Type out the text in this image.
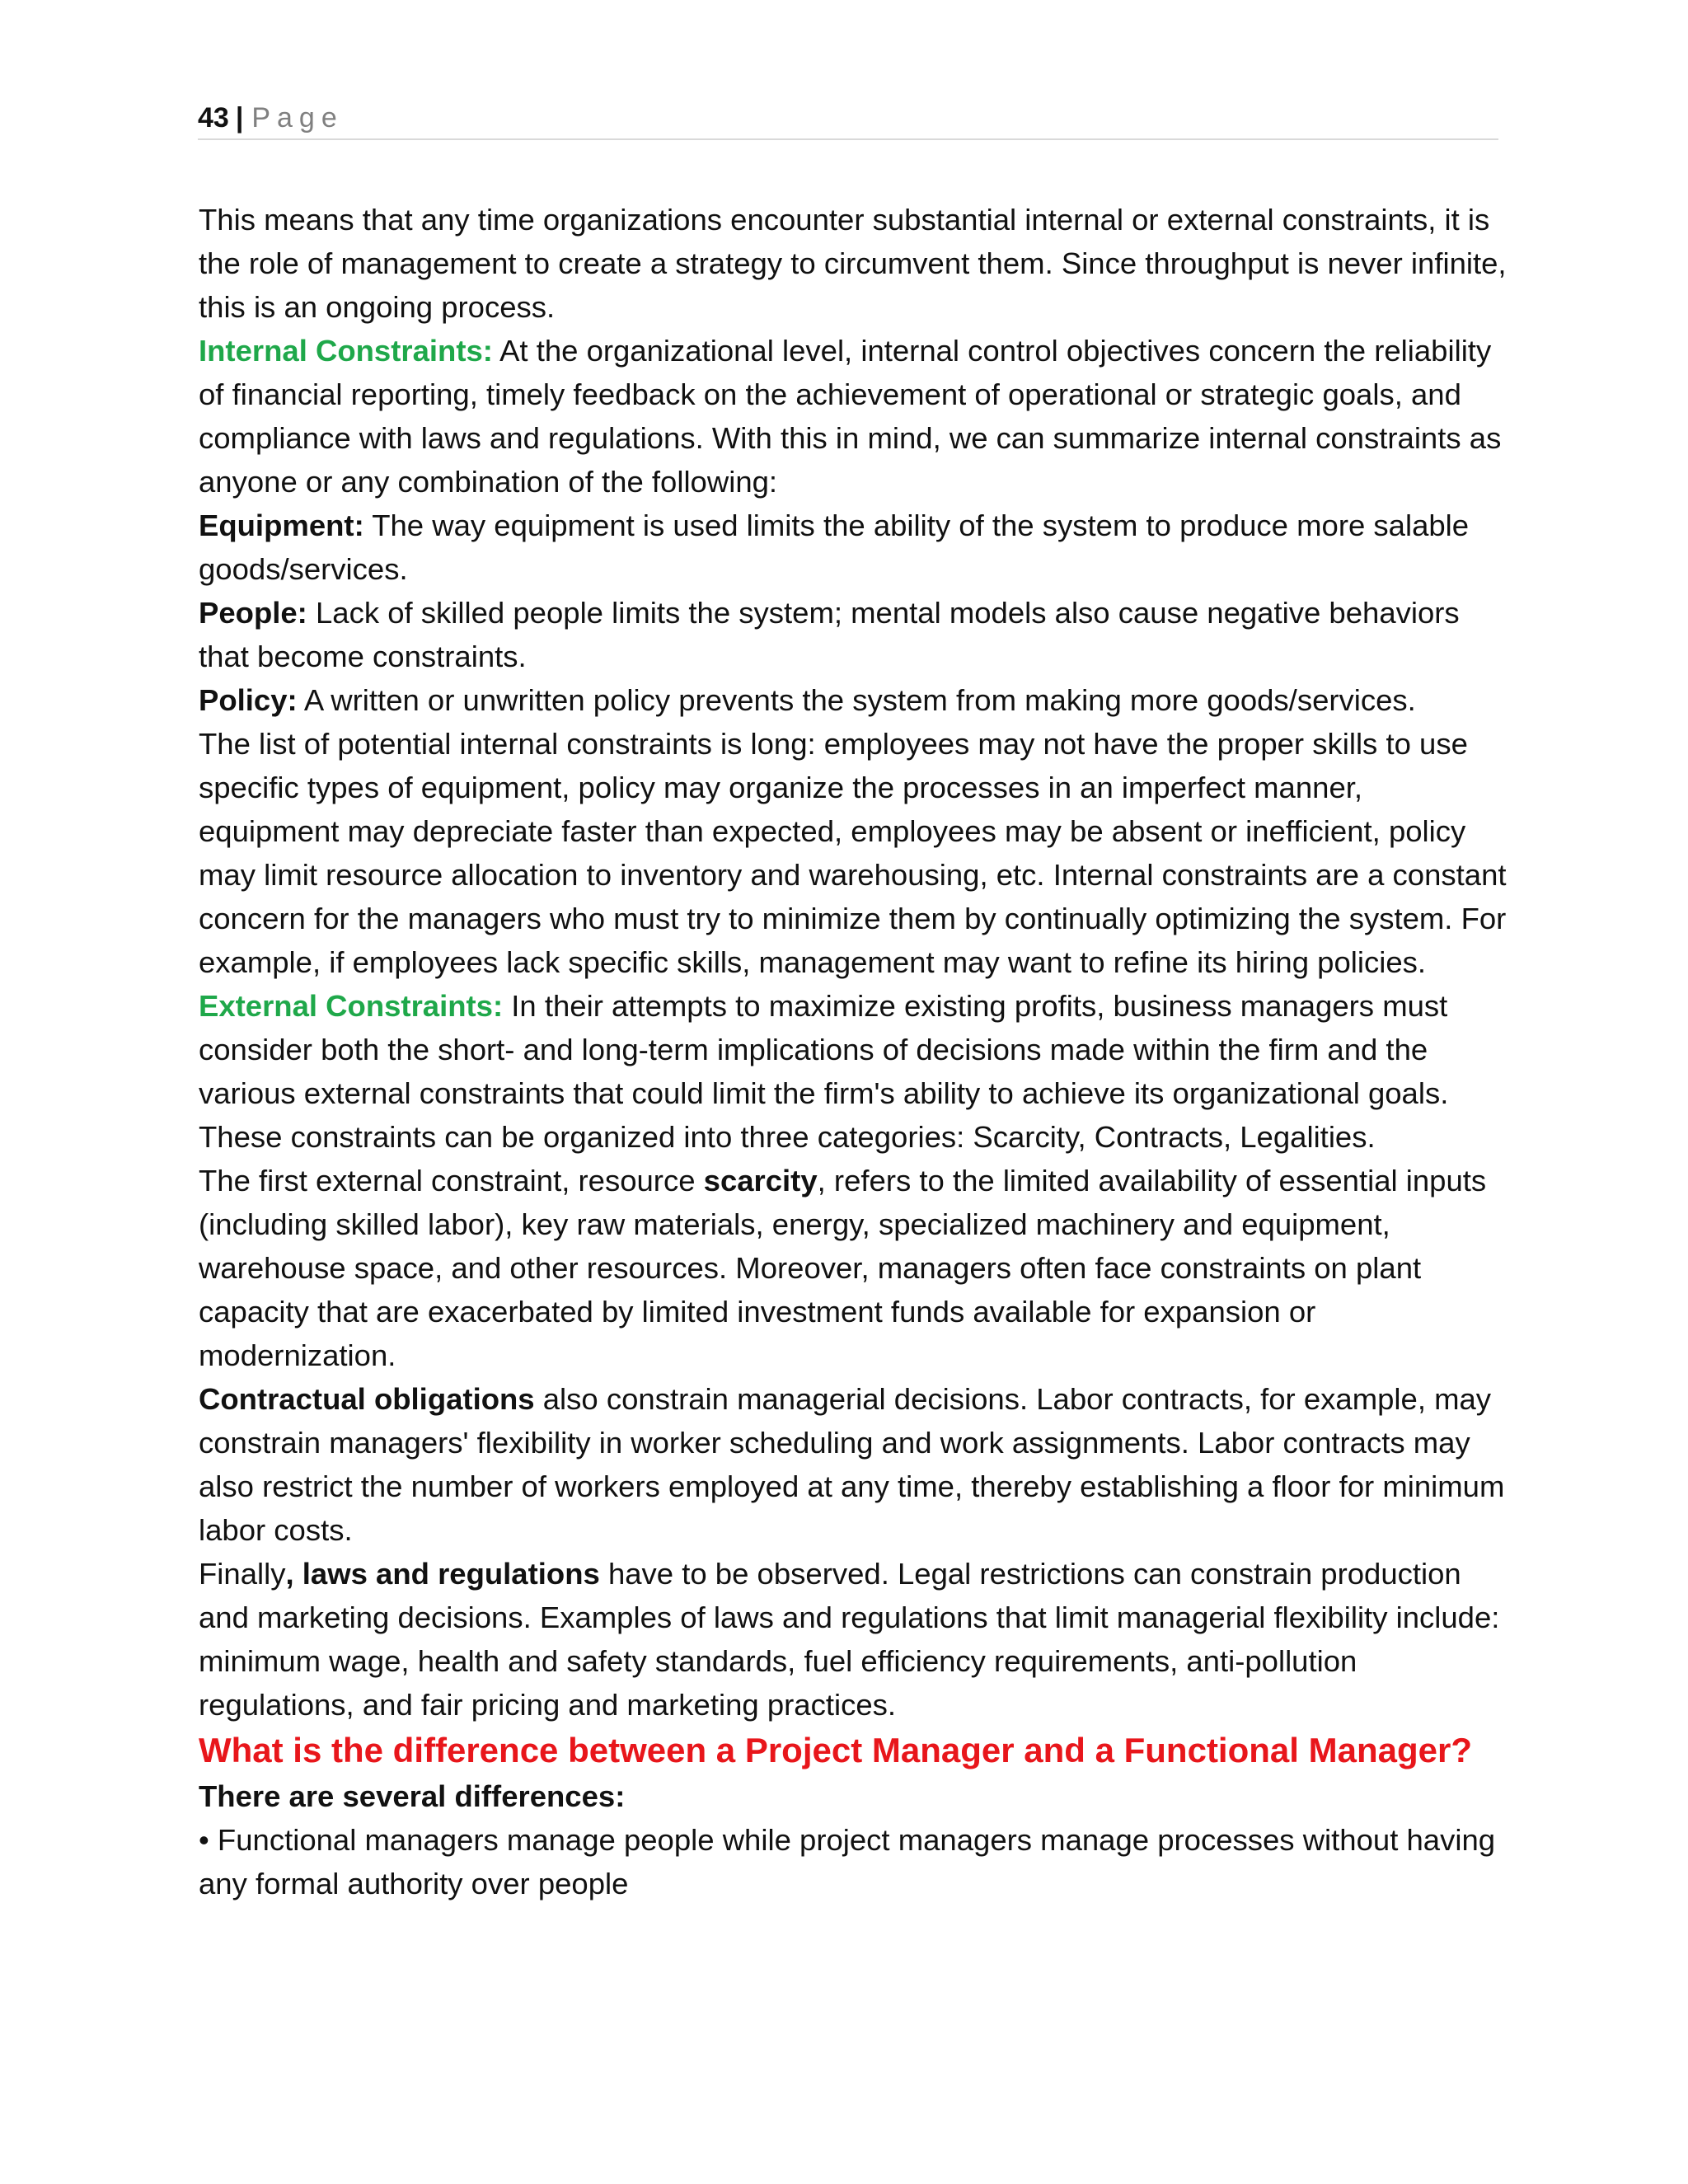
43 | Page

This means that any time organizations encounter substantial internal or external constraints, it is the role of management to create a strategy to circumvent them. Since throughput is never infinite, this is an ongoing process.

Internal Constraints: At the organizational level, internal control objectives concern the reliability of financial reporting, timely feedback on the achievement of operational or strategic goals, and compliance with laws and regulations. With this in mind, we can summarize internal constraints as anyone or any combination of the following:

Equipment: The way equipment is used limits the ability of the system to produce more salable goods/services.

People: Lack of skilled people limits the system; mental models also cause negative behaviors that become constraints.

Policy: A written or unwritten policy prevents the system from making more goods/services.

The list of potential internal constraints is long: employees may not have the proper skills to use specific types of equipment, policy may organize the processes in an imperfect manner, equipment may depreciate faster than expected, employees may be absent or inefficient, policy may limit resource allocation to inventory and warehousing, etc. Internal constraints are a constant concern for the managers who must try to minimize them by continually optimizing the system. For example, if employees lack specific skills, management may want to refine its hiring policies.

External Constraints: In their attempts to maximize existing profits, business managers must consider both the short- and long-term implications of decisions made within the firm and the various external constraints that could limit the firm's ability to achieve its organizational goals.

These constraints can be organized into three categories: Scarcity, Contracts, Legalities.

The first external constraint, resource scarcity, refers to the limited availability of essential inputs (including skilled labor), key raw materials, energy, specialized machinery and equipment, warehouse space, and other resources. Moreover, managers often face constraints on plant capacity that are exacerbated by limited investment funds available for expansion or modernization.

Contractual obligations also constrain managerial decisions. Labor contracts, for example, may constrain managers' flexibility in worker scheduling and work assignments. Labor contracts may also restrict the number of workers employed at any time, thereby establishing a floor for minimum labor costs.

Finally, laws and regulations have to be observed. Legal restrictions can constrain production and marketing decisions. Examples of laws and regulations that limit managerial flexibility include: minimum wage, health and safety standards, fuel efficiency requirements, anti-pollution regulations, and fair pricing and marketing practices.

What is the difference between a Project Manager and a Functional Manager?

There are several differences:

• Functional managers manage people while project managers manage processes without having any formal authority over people
